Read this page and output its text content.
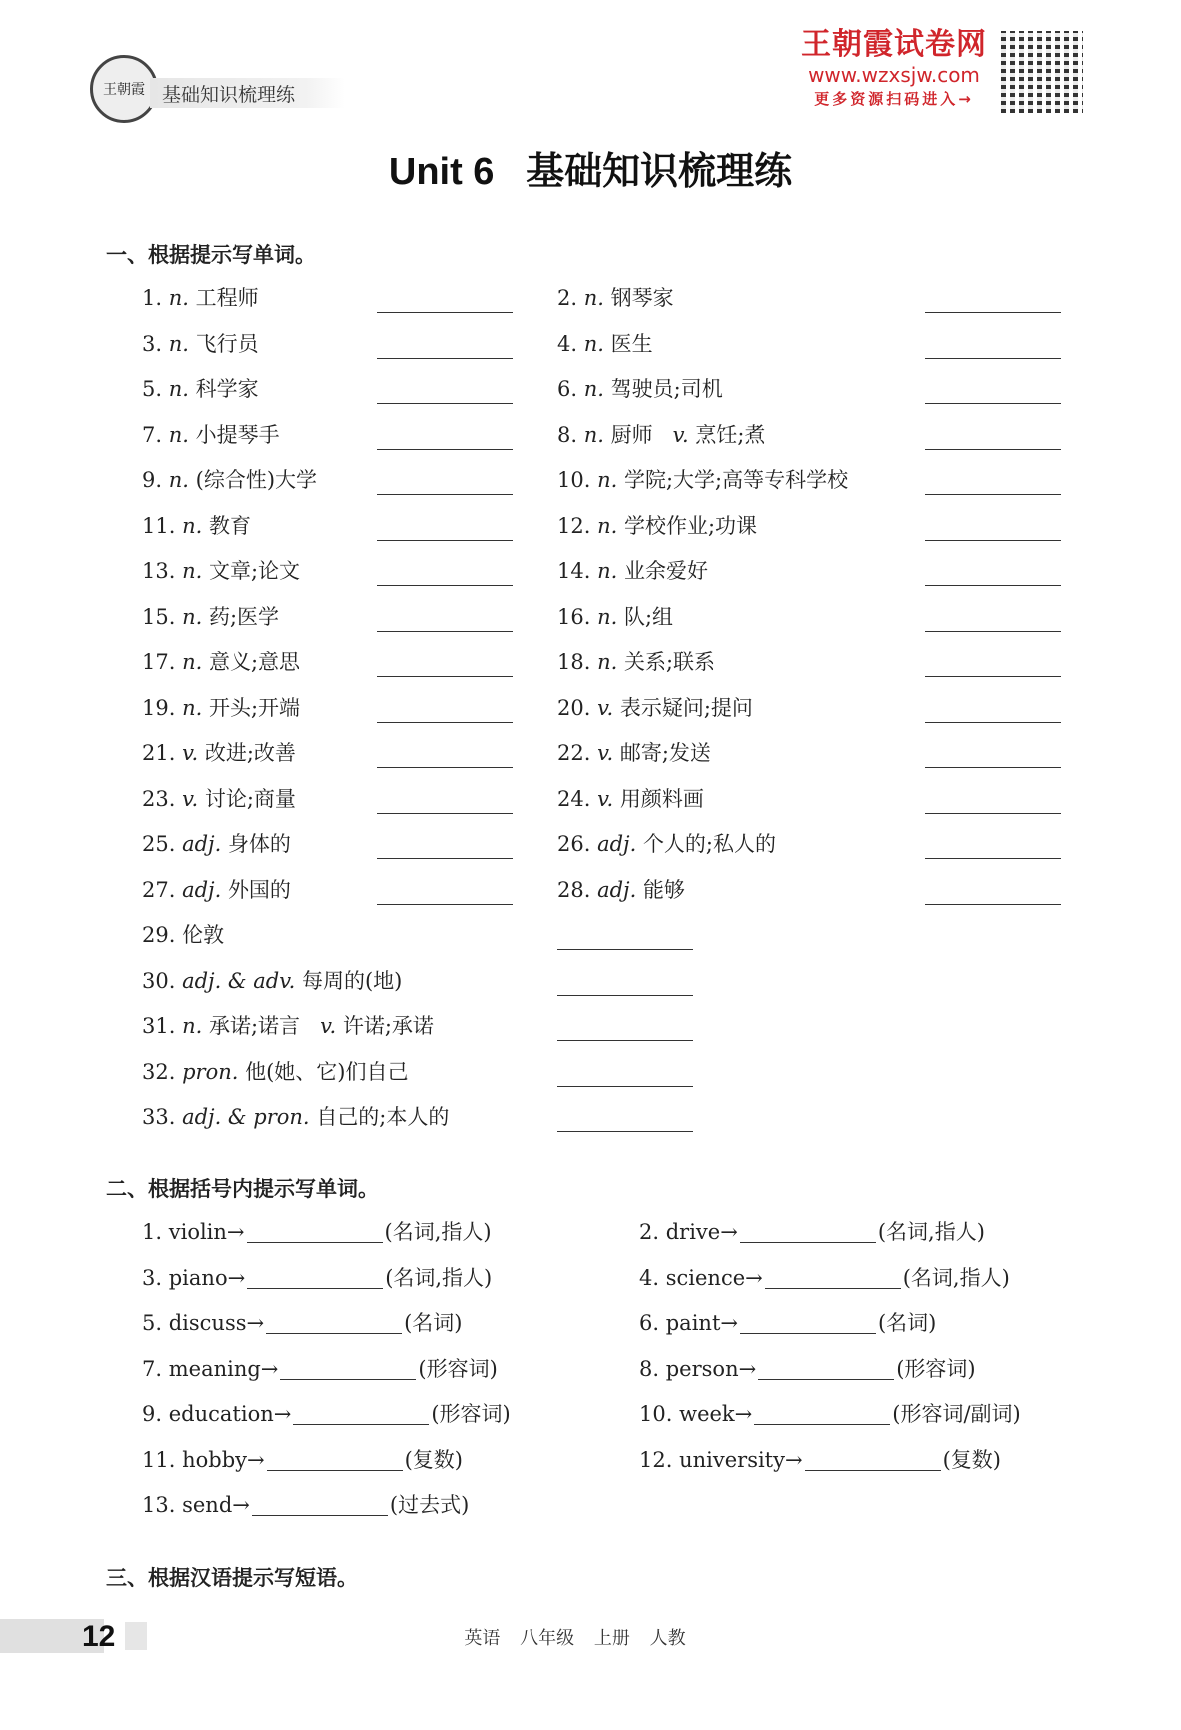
王朝霞 基础知识梳理练
王朝霞试卷网
www.wzxsjw.com
更多资源扫码进入→
Unit 6   基础知识梳理练
一、根据提示写单词。
1. n. 工程师	2. n. 钢琴家
3. n. 飞行员	4. n. 医生
5. n. 科学家	6. n. 驾驶员;司机
7. n. 小提琴手	8. n. 厨师 v. 烹饪;煮
9. n. (综合性)大学	10. n. 学院;大学;高等专科学校
11. n. 教育	12. n. 学校作业;功课
13. n. 文章;论文	14. n. 业余爱好
15. n. 药;医学	16. n. 队;组
17. n. 意义;意思	18. n. 关系;联系
19. n. 开头;开端	20. v. 表示疑问;提问
21. v. 改进;改善	22. v. 邮寄;发送
23. v. 讨论;商量	24. v. 用颜料画
25. adj. 身体的	26. adj. 个人的;私人的
27. adj. 外国的	28. adj. 能够
29. 伦敦
30. adj. & adv. 每周的(地)
31. n. 承诺;诺言 v. 许诺;承诺
32. pron. 他(她、它)们自己
33. adj. & pron. 自己的;本人的
二、根据括号内提示写单词。
1. violin→	(名词,指人)	2. drive→	(名词,指人)
3. piano→	(名词,指人)	4. science→	(名词,指人)
5. discuss→	(名词)	6. paint→	(名词)
7. meaning→	(形容词)	8. person→	(形容词)
9. education→	(形容词)	10. week→	(形容词/副词)
11. hobby→	(复数)	12. university→	(复数)
13. send→	(过去式)
三、根据汉语提示写短语。
12	英语 八年级 上册 人教
